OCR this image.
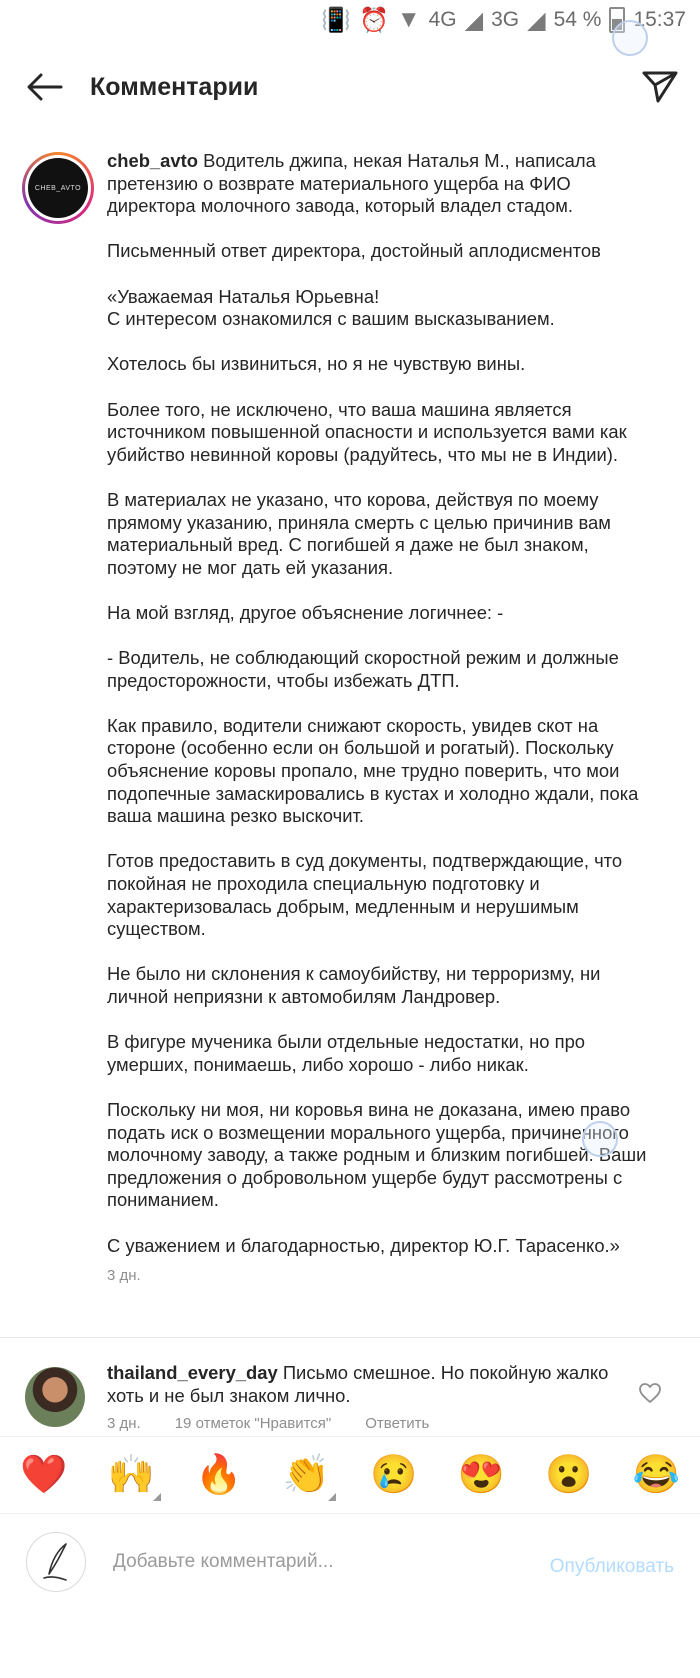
📳 ⏰ ▼ 4G ◢ 3G ◢ 54 % 15:37
Комментарии
CHEB_AVTO
cheb_avto Водитель джипа, некая Наталья М., написала претензию о возврате материального ущерба на ФИО директора молочного завода, который владел стадом.

Письменный ответ директора, достойный аплодисментов

«Уважаемая Наталья Юрьевна!
С интересом ознакомился с вашим высказыванием.

Хотелось бы извиниться, но я не чувствую вины.

Более того, не исключено, что ваша машина является источником повышенной опасности и используется вами как убийство невинной коровы (радуйтесь, что мы не в Индии).

В материалах не указано, что корова, действуя по моему прямому указанию, приняла смерть с целью причинив вам материальный вред. С погибшей я даже не был знаком, поэтому не мог дать ей указания.

На мой взгляд, другое объяснение логичнее: -

- Водитель, не соблюдающий скоростной режим и должные предосторожности, чтобы избежать ДТП.

Как правило, водители снижают скорость, увидев скот на стороне (особенно если он большой и рогатый). Поскольку объяснение коровы пропало, мне трудно поверить, что мои подопечные замаскировались в кустах и холодно ждали, пока ваша машина резко выскочит.

Готов предоставить в суд документы, подтверждающие, что покойная не проходила специальную подготовку и характеризовалась добрым, медленным и нерушимым существом.

Не было ни склонения к самоубийству, ни терроризму, ни личной неприязни к автомобилям Ландровер.

В фигуре мученика были отдельные недостатки, но про умерших, понимаешь, либо хорошо - либо никак.

Поскольку ни моя, ни коровья вина не доказана, имею право подать иск о возмещении морального ущерба, причиненного молочному заводу, а также родным и близким погибшей. Ваши предложения о добровольном ущербе будут рассмотрены с пониманием.

С уважением и благодарностью, директор Ю.Г. Тарасенко.»
3 дн.
thailand_every_day Письмо смешное. Но покойную жалко хоть и не был знаком лично.
3 дн. 19 отметок "Нравится" Ответить
❤️ 🙌 🔥 👏 😢 😍 😮 😂
Добавьте комментарий...
Опубликовать
